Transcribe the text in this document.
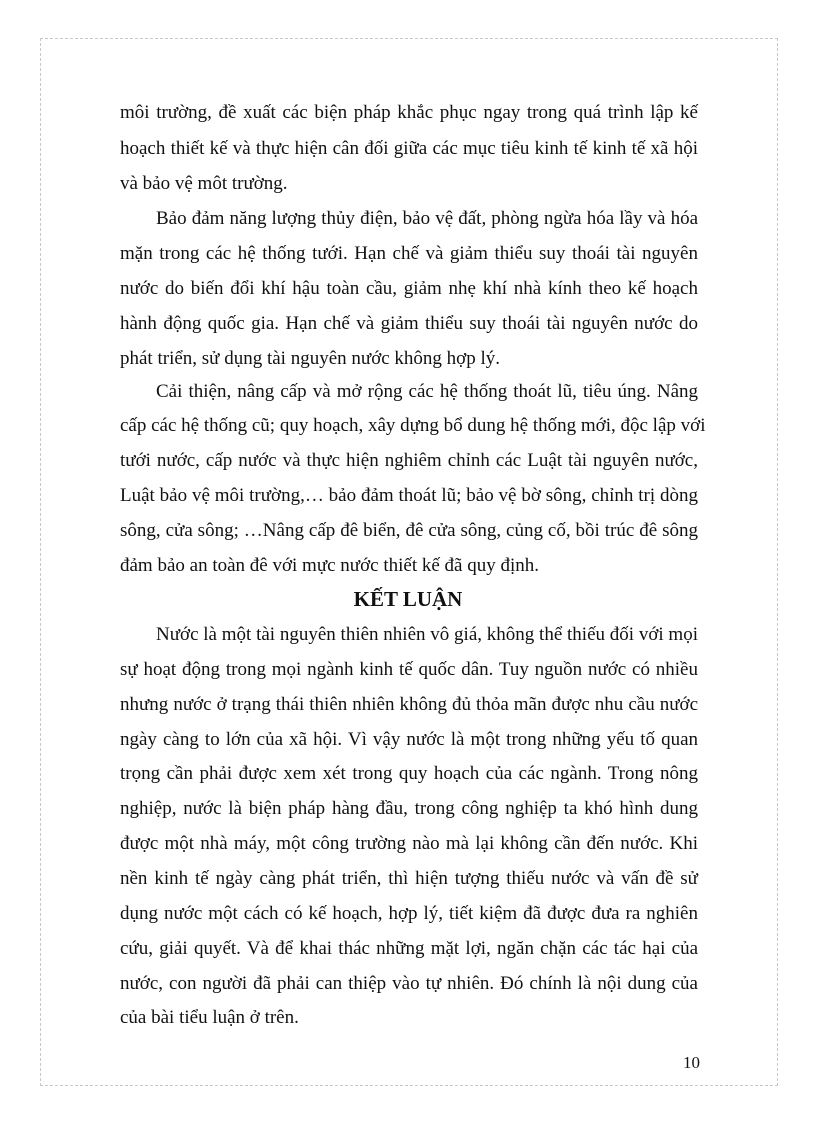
môi trường, đề xuất các biện pháp khắc phục ngay trong quá trình lập kế
hoạch thiết kế và thực hiện cân đối giữa các mục tiêu kinh tế kinh tế xã hội
và bảo vệ môt trường.
Bảo đảm năng lượng thủy điện, bảo vệ đất, phòng ngừa hóa lầy và hóa
mặn trong các hệ thống tưới. Hạn chế và giảm thiểu suy thoái tài nguyên
nước do biến đổi khí hậu toàn cầu, giảm nhẹ khí nhà kính theo kế hoạch
hành động quốc gia. Hạn chế và giảm thiểu suy thoái tài nguyên nước do
phát triển, sử dụng tài nguyên nước không hợp lý.
Cải thiện, nâng cấp và mở rộng các hệ thống thoát lũ, tiêu úng. Nâng
cấp các hệ thống cũ; quy hoạch, xây dựng bổ dung hệ thống mới, độc lập với
tưới nước, cấp nước và thực hiện nghiêm chỉnh các Luật tài nguyên nước,
Luật bảo vệ môi trường,… bảo đảm thoát lũ; bảo vệ bờ sông, chỉnh trị dòng
sông, cửa sông; …Nâng cấp đê biển, đê cửa sông, củng cố, bồi trúc đê sông
đảm bảo an toàn đê với mực nước thiết kế đã quy định.
KẾT LUẬN
Nước là một tài nguyên thiên nhiên vô giá, không thể thiếu đối với mọi
sự hoạt động trong mọi ngành kinh tế quốc dân. Tuy nguồn nước có nhiều
nhưng nước ở trạng thái thiên nhiên không đủ thỏa mãn được nhu cầu nước
ngày càng to lớn của xã hội. Vì vậy nước là một trong những yếu tố quan
trọng cần phải được xem xét trong quy hoạch của các ngành. Trong nông
nghiệp, nước là biện pháp hàng đầu, trong công nghiệp ta khó hình dung
được một nhà máy, một công trường nào mà lại không cần đến nước. Khi
nền kinh tế ngày càng phát triển, thì hiện tượng thiếu nước và vấn đề sử
dụng nước một cách có kế hoạch, hợp lý, tiết kiệm đã được đưa ra nghiên
cứu, giải quyết. Và để khai thác những mặt lợi, ngăn chặn các tác hại của
nước, con người đã phải can thiệp vào tự nhiên. Đó chính là nội dung của
của bài tiểu luận ở trên.
10
